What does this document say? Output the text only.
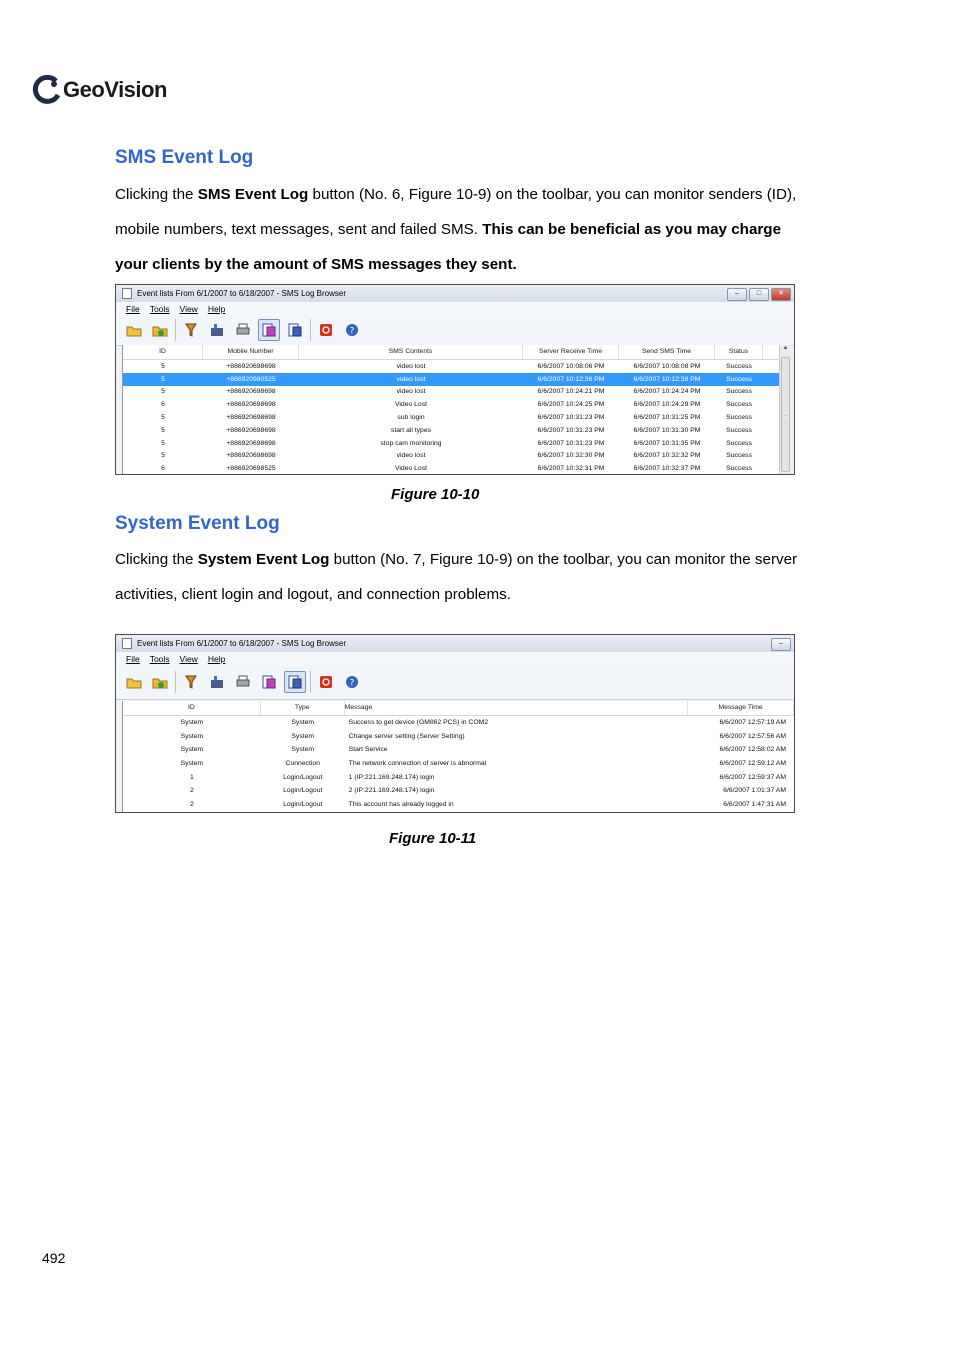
GeoVision
SMS Event Log

Clicking the SMS Event Log button (No. 6, Figure 10-9) on the toolbar, you can monitor senders (ID),
mobile numbers, text messages, sent and failed SMS. This can be beneficial as you may charge
your clients by the amount of SMS messages they sent.

Event lists From 6/1/2007 to 6/18/2007 - SMS Log Browser	–	□	×
File Tools View Help
?
ID	Mobile Number	SMS Contents	Server Receive Time	Send SMS Time	Status
5	+886920698698	video lost	6/6/2007 10:08:06 PM	6/6/2007 10:08:08 PM	Success
5	+886920980525	video lost	6/6/2007 10:12:36 PM	6/6/2007 10:12:38 PM	Success
5	+886920698698	video lost	6/6/2007 10:24:21 PM	6/6/2007 10:24:24 PM	Success
6	+886920698698	Video Lost	6/6/2007 10:24:25 PM	6/6/2007 10:24:29 PM	Success
5	+886920698698	sub login	6/6/2007 10:31:23 PM	6/6/2007 10:31:25 PM	Success
5	+886920698698	start all types	6/6/2007 10:31:23 PM	6/6/2007 10:31:30 PM	Success
5	+886920698698	stop cam monitoring	6/6/2007 10:31:23 PM	6/6/2007 10:31:35 PM	Success
5	+886920698698	video lost	6/6/2007 10:32:30 PM	6/6/2007 10:32:32 PM	Success
6	+886920698525	Video Lost	6/6/2007 10:32:31 PM	6/6/2007 10:32:37 PM	Success
▲

Figure 10-10

System Event Log

Clicking the System Event Log button (No. 7, Figure 10-9) on the toolbar, you can monitor the server
activities, client login and logout, and connection problems.

Event lists From 6/1/2007 to 6/18/2007 - SMS Log Browser	–
File Tools View Help
?
ID	Type	Message	Message Time
System	System	Success to get device (GM862 PCS) in COM2	6/6/2007 12:57:19 AM
System	System	Change server setting (Server Setting)	6/6/2007 12:57:56 AM
System	System	Start Service	6/6/2007 12:58:02 AM
System	Connection	The network connection of server is abnormal	6/6/2007 12:59:12 AM
1	Login/Logout	1 (IP:221.169.248.174) login	6/6/2007 12:59:37 AM
2	Login/Logout	2 (IP:221.169.248.174) login	6/6/2007 1:01:37 AM
2	Login/Logout	This account has already logged in	6/6/2007 1:47:31 AM

Figure 10-11

492
